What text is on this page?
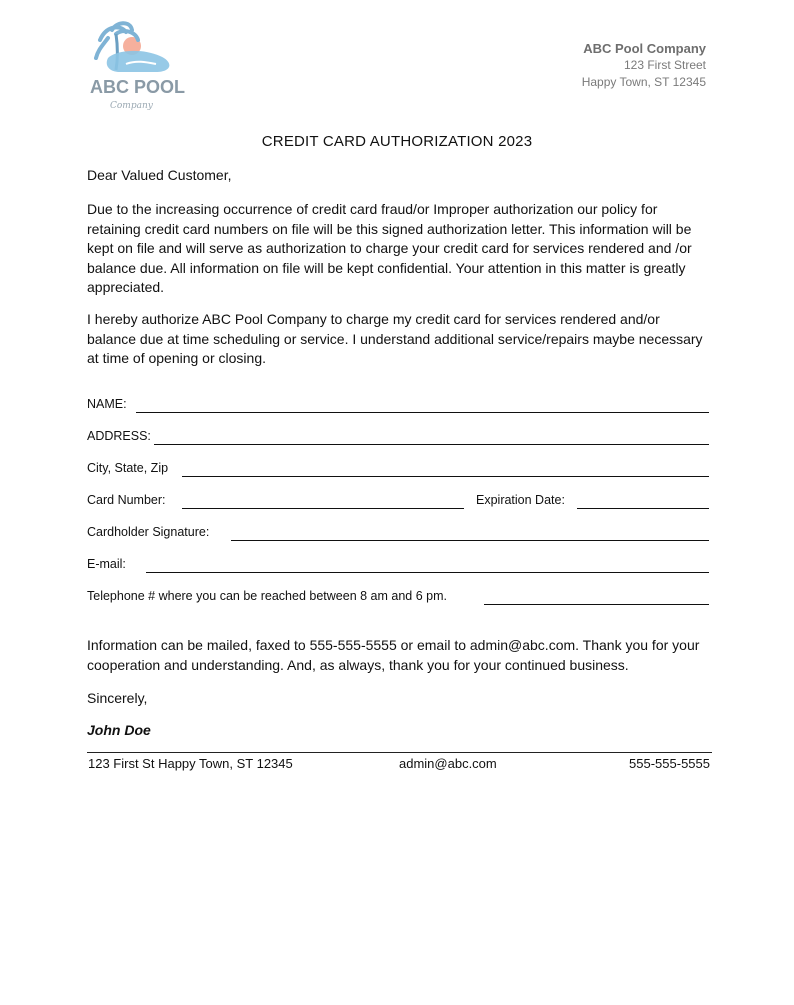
ABC POOL
Company
ABC Pool Company
123 First Street
Happy Town, ST 12345
CREDIT CARD AUTHORIZATION 2023
Dear Valued Customer,
Due to the increasing occurrence of credit card fraud/or Improper authorization our policy for retaining credit card numbers on file will be this signed authorization letter. This information will be kept on file and will serve as authorization to charge your credit card for services rendered and /or balance due. All information on file will be kept confidential. Your attention in this matter is greatly appreciated.
I hereby authorize ABC Pool Company to charge my credit card for services rendered and/or balance due at time scheduling or service. I understand additional service/repairs maybe necessary at time of opening or closing.
NAME:
ADDRESS:
City, State, Zip
Card Number:	Expiration Date:
Cardholder Signature:
E-mail:
Telephone # where you can be reached between 8 am and 6 pm.
Information can be mailed, faxed to 555-555-5555 or email to admin@abc.com. Thank you for your cooperation and understanding. And, as always, thank you for your continued business.
Sincerely,
John Doe
123 First St Happy Town, ST 12345	admin@abc.com	555-555-5555
